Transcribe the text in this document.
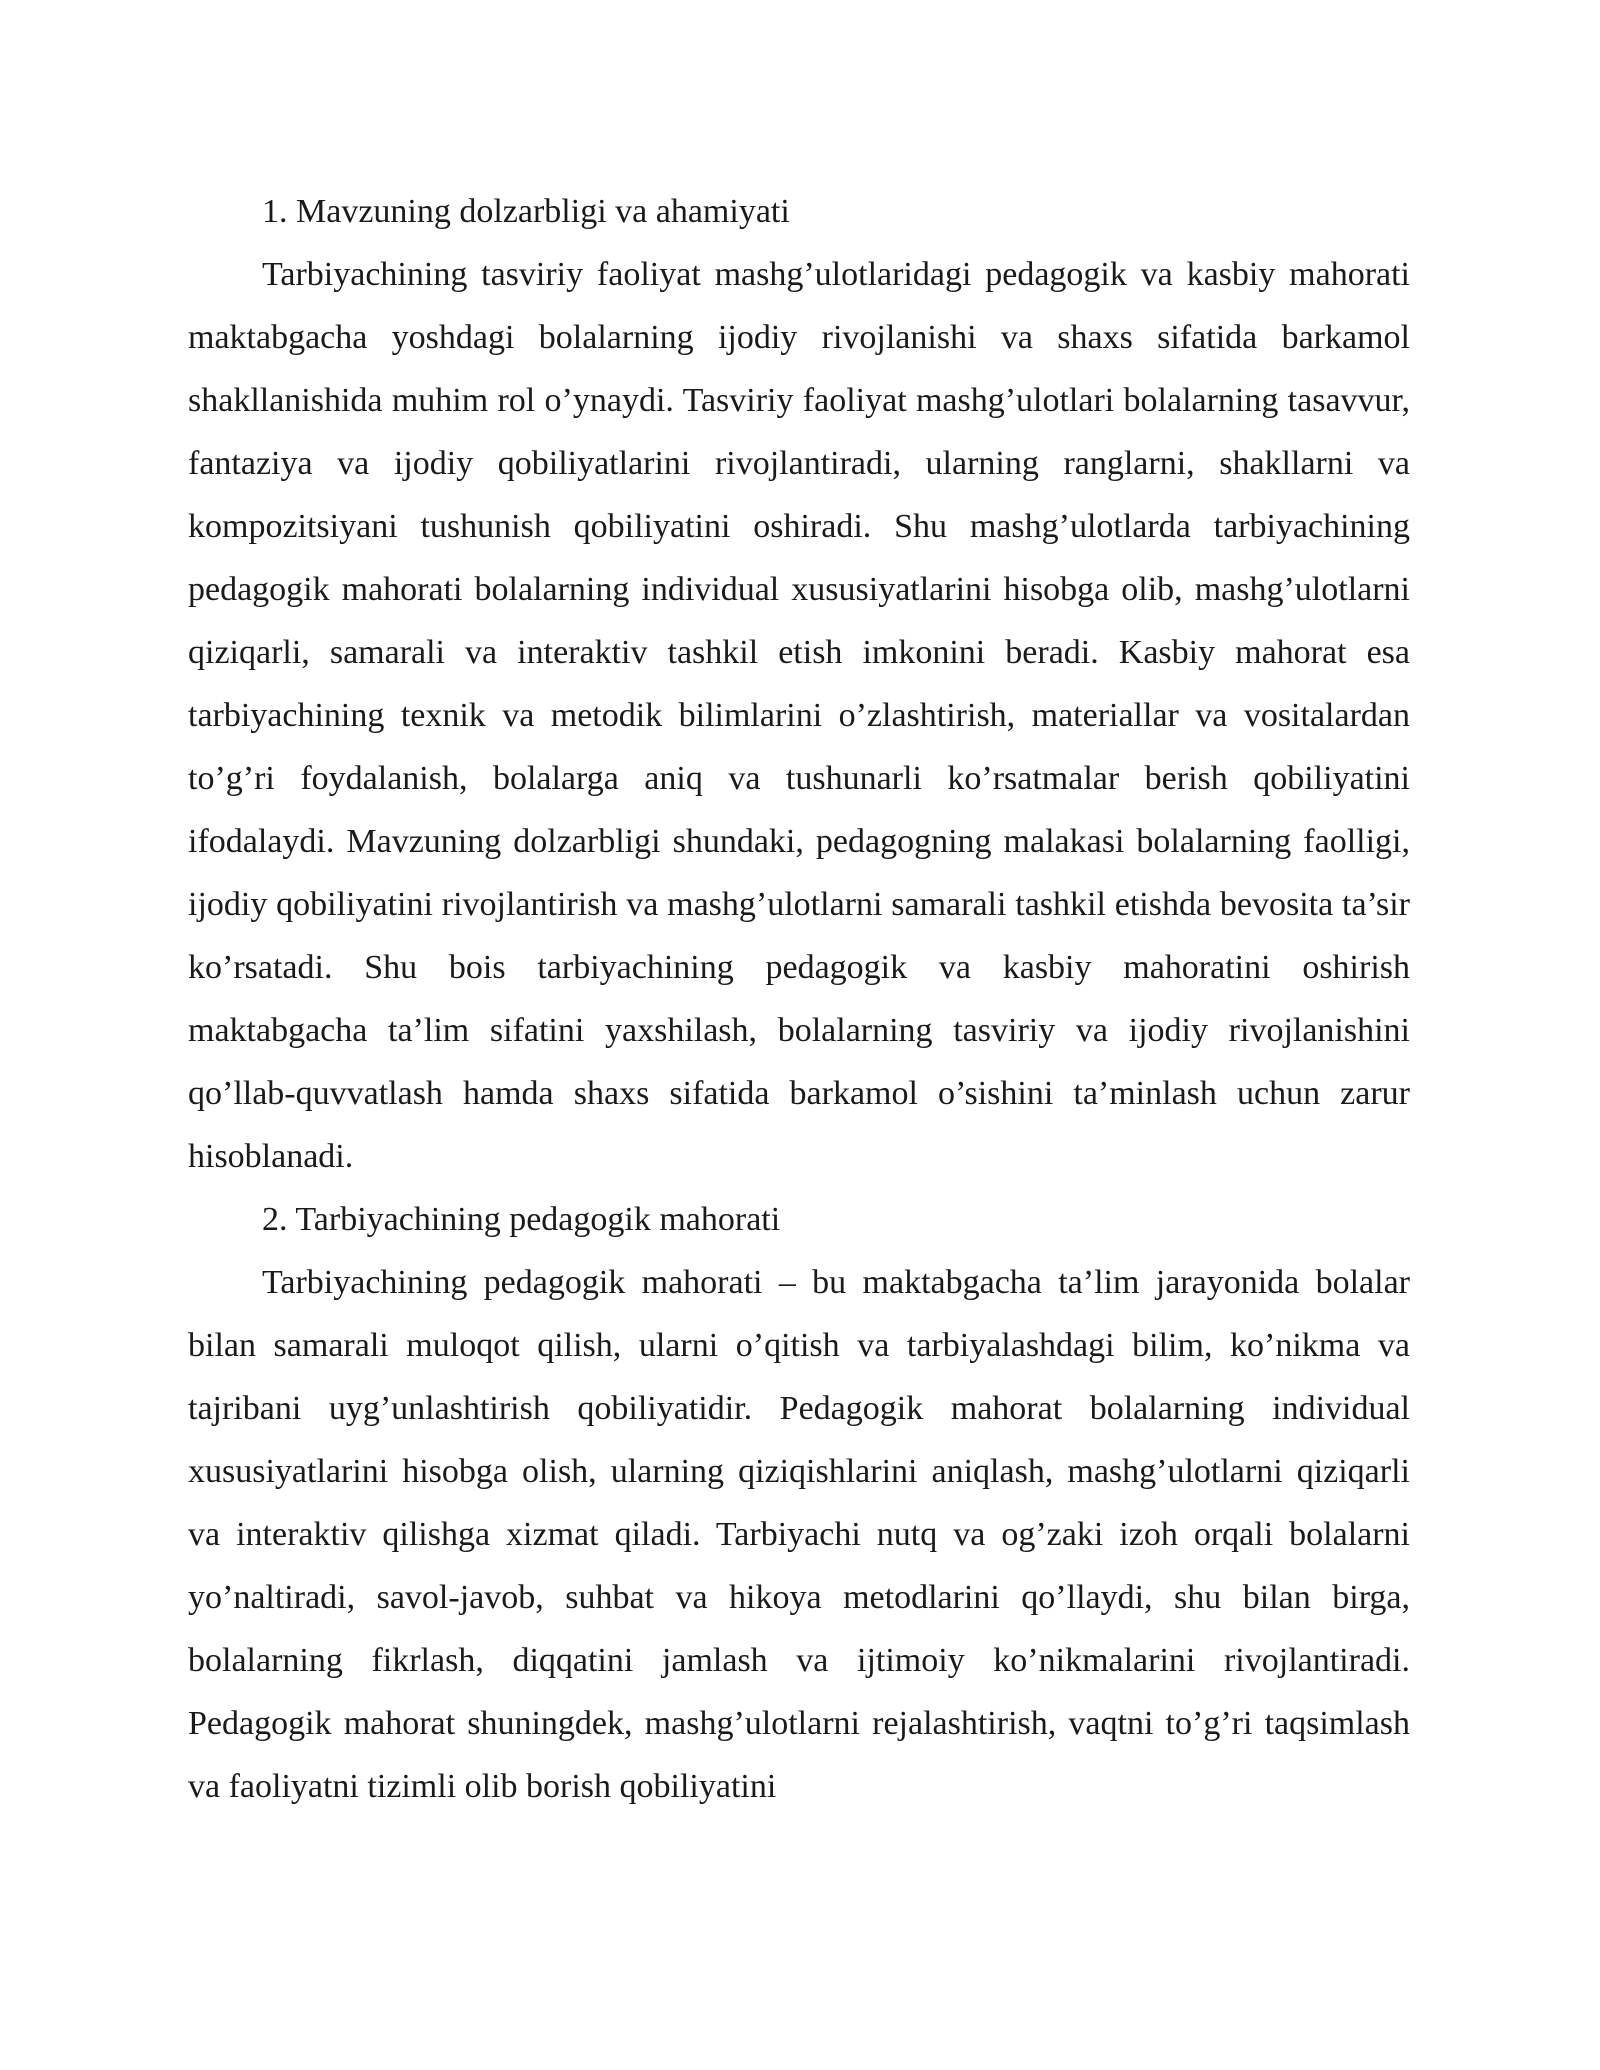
1. Mavzuning dolzarbligi va ahamiyati

Tarbiyachining tasviriy faoliyat mashg’ulotlaridagi pedagogik va kasbiy mahorati maktabgacha yoshdagi bolalarning ijodiy rivojlanishi va shaxs sifatida barkamol shakllanishida muhim rol o’ynaydi. Tasviriy faoliyat mashg’ulotlari bolalarning tasavvur, fantaziya va ijodiy qobiliyatlarini rivojlantiradi, ularning ranglarni, shakllarni va kompozitsiyani tushunish qobiliyatini oshiradi. Shu mashg’ulotlarda tarbiyachining pedagogik mahorati bolalarning individual xususiyatlarini hisobga olib, mashg’ulotlarni qiziqarli, samarali va interaktiv tashkil etish imkonini beradi. Kasbiy mahorat esa tarbiyachining texnik va metodik bilimlarini o’zlashtirish, materiallar va vositalardan to’g’ri foydalanish, bolalarga aniq va tushunarli ko’rsatmalar berish qobiliyatini ifodalaydi. Mavzuning dolzarbligi shundaki, pedagogning malakasi bolalarning faolligi, ijodiy qobiliyatini rivojlantirish va mashg’ulotlarni samarali tashkil etishda bevosita ta’sir ko’rsatadi. Shu bois tarbiyachining pedagogik va kasbiy mahoratini oshirish maktabgacha ta’lim sifatini yaxshilash, bolalarning tasviriy va ijodiy rivojlanishini qo’llab-quvvatlash hamda shaxs sifatida barkamol o’sishini ta’minlash uchun zarur hisoblanadi.

2. Tarbiyachining pedagogik mahorati

Tarbiyachining pedagogik mahorati – bu maktabgacha ta’lim jarayonida bolalar bilan samarali muloqot qilish, ularni o’qitish va tarbiyalashdagi bilim, ko’nikma va tajribani uyg’unlashtirish qobiliyatidir. Pedagogik mahorat bolalarning individual xususiyatlarini hisobga olish, ularning qiziqishlarini aniqlash, mashg’ulotlarni qiziqarli va interaktiv qilishga xizmat qiladi. Tarbiyachi nutq va og’zaki izoh orqali bolalarni yo’naltiradi, savol-javob, suhbat va hikoya metodlarini qo’llaydi, shu bilan birga, bolalarning fikrlash, diqqatini jamlash va ijtimoiy ko’nikmalarini rivojlantiradi. Pedagogik mahorat shuningdek, mashg’ulotlarni rejalashtirish, vaqtni to’g’ri taqsimlash va faoliyatni tizimli olib borish qobiliyatini
